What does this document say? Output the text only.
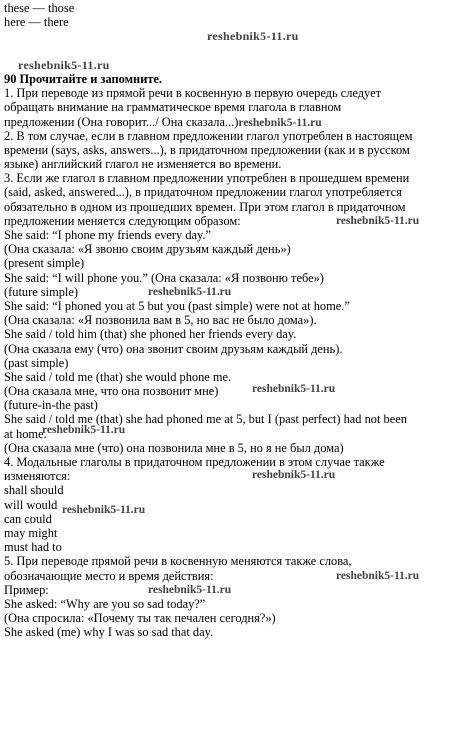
these — those
here — there
reshebnik5-11.ru
reshebnik5-11.ru
90 Прочитайте и запомните.
1. При переводе из прямой речи в косвенную в первую очередь следует
обращать внимание на грамматическое время глагола в главном
предложении (Она говорит.../ Она сказала...)reshebnik5-11.ru
2. В том случае, если в главном предложении глагол употреблен в настоящем
времени (says, asks, answers...), в придаточном предложении (как и в русском
языке) английский глагол не изменяется во времени.
3. Если же глагол в главном предложении употреблен в прошедшем времени
(said, asked, answered...), в придаточном предложении глагол употребляется
обязательно в одном из прошедших времен. При этом глагол в придаточном
предложении меняется следующим образом:	reshebnik5-11.ru
She said: “I phone my friends every day.”
(Она сказала: «Я звоню своим друзьям каждый день»)
(present simple)
She said: “I will phone you.” (Она сказала: «Я позвоню тебе»)
(future simple)	reshebnik5-11.ru
She said: “I phoned you at 5 but you (past simple) were not at home.”
(Она сказала: «Я позвонила вам в 5, но вас не было дома»).
She said / told him (that) she phoned her friends every day.
(Она сказала ему (что) она звонит своим друзьям каждый день).
(past simple)
She said / told me (that) she would phone me.
(Она сказала мне, что она позвонит мне)	reshebnik5-11.ru
(future-in-the past)
She said / told me (that) she had phoned me at 5, but I (past perfect) had not been
at home.
reshebnik5-11.ru
(Она сказала мне (что) она позвонила мне в 5, но я не был дома)
4. Модальные глаголы в придаточном предложении в этом случае также
изменяются:	reshebnik5-11.ru
shall should
will would reshebnik5-11.ru
can could
may might
must had to
5. При переводе прямой речи в косвенную меняются также слова,
обозначающие место и время действия:	reshebnik5-11.ru
Пример:	reshebnik5-11.ru
She asked: “Why are you so sad today?”
(Она спросила: «Почему ты так печален сегодня?»)
She asked (me) why I was so sad that day.
